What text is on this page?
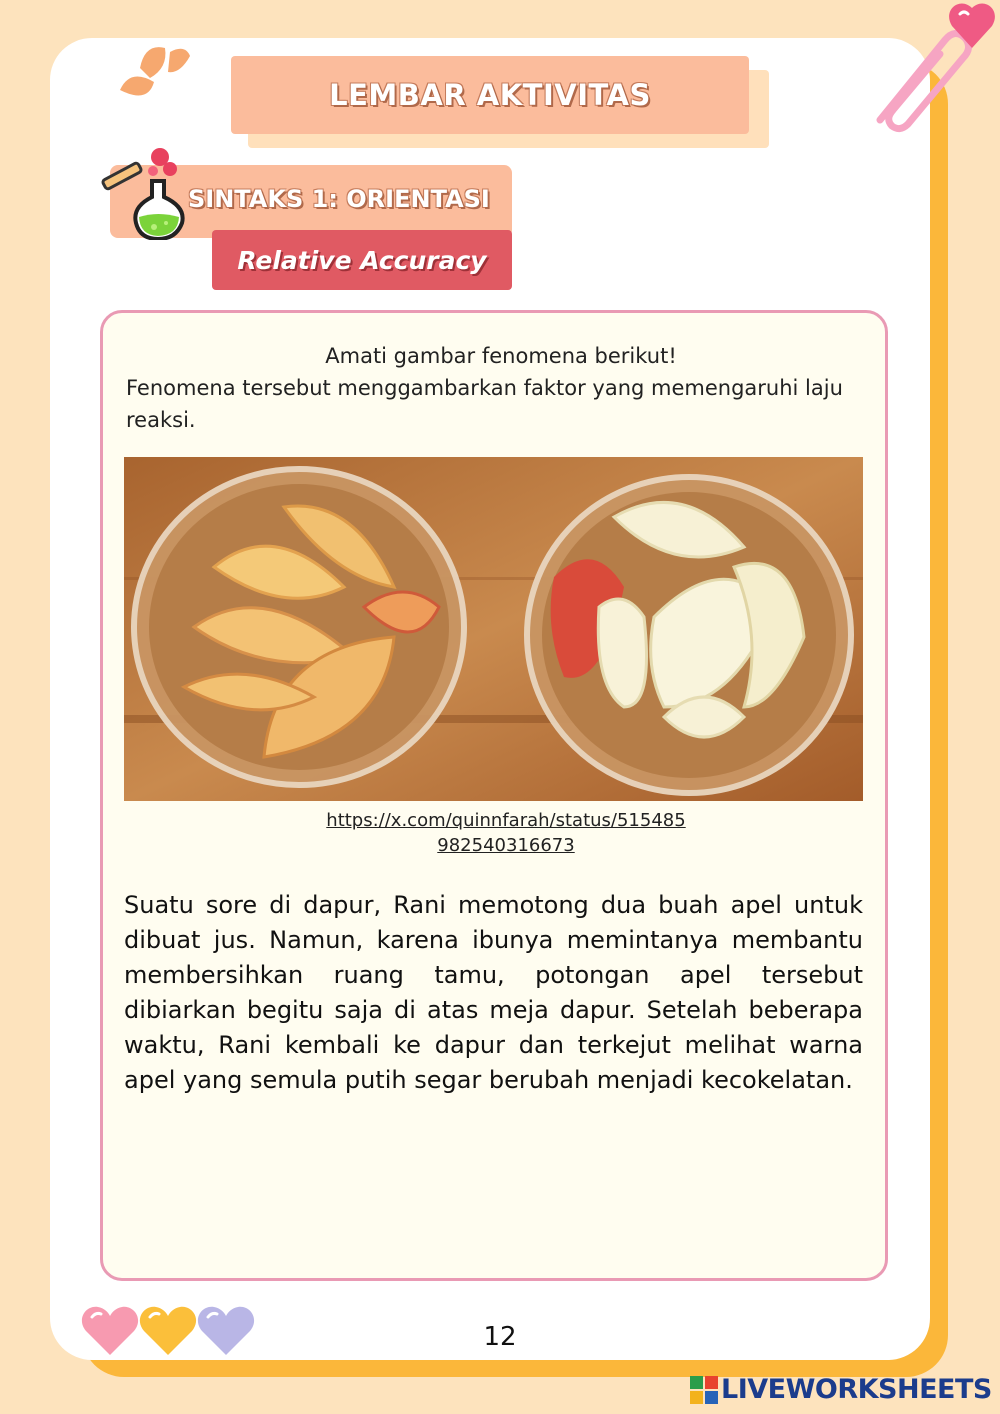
LEMBAR AKTIVITAS
SINTAKS 1: ORIENTASI
Relative Accuracy
Amati gambar fenomena berikut!
Fenomena tersebut menggambarkan faktor yang memengaruhi laju reaksi.
https://x.com/quinnfarah/status/515485
982540316673
Suatu sore di dapur, Rani memotong dua buah apel untuk dibuat jus. Namun, karena ibunya memintanya membantu membersihkan ruang tamu, potongan apel tersebut dibiarkan begitu saja di atas meja dapur. Setelah beberapa waktu, Rani kembali ke dapur dan terkejut melihat warna apel yang semula putih segar berubah menjadi kecokelatan.
12
LIVEWORKSHEETS
